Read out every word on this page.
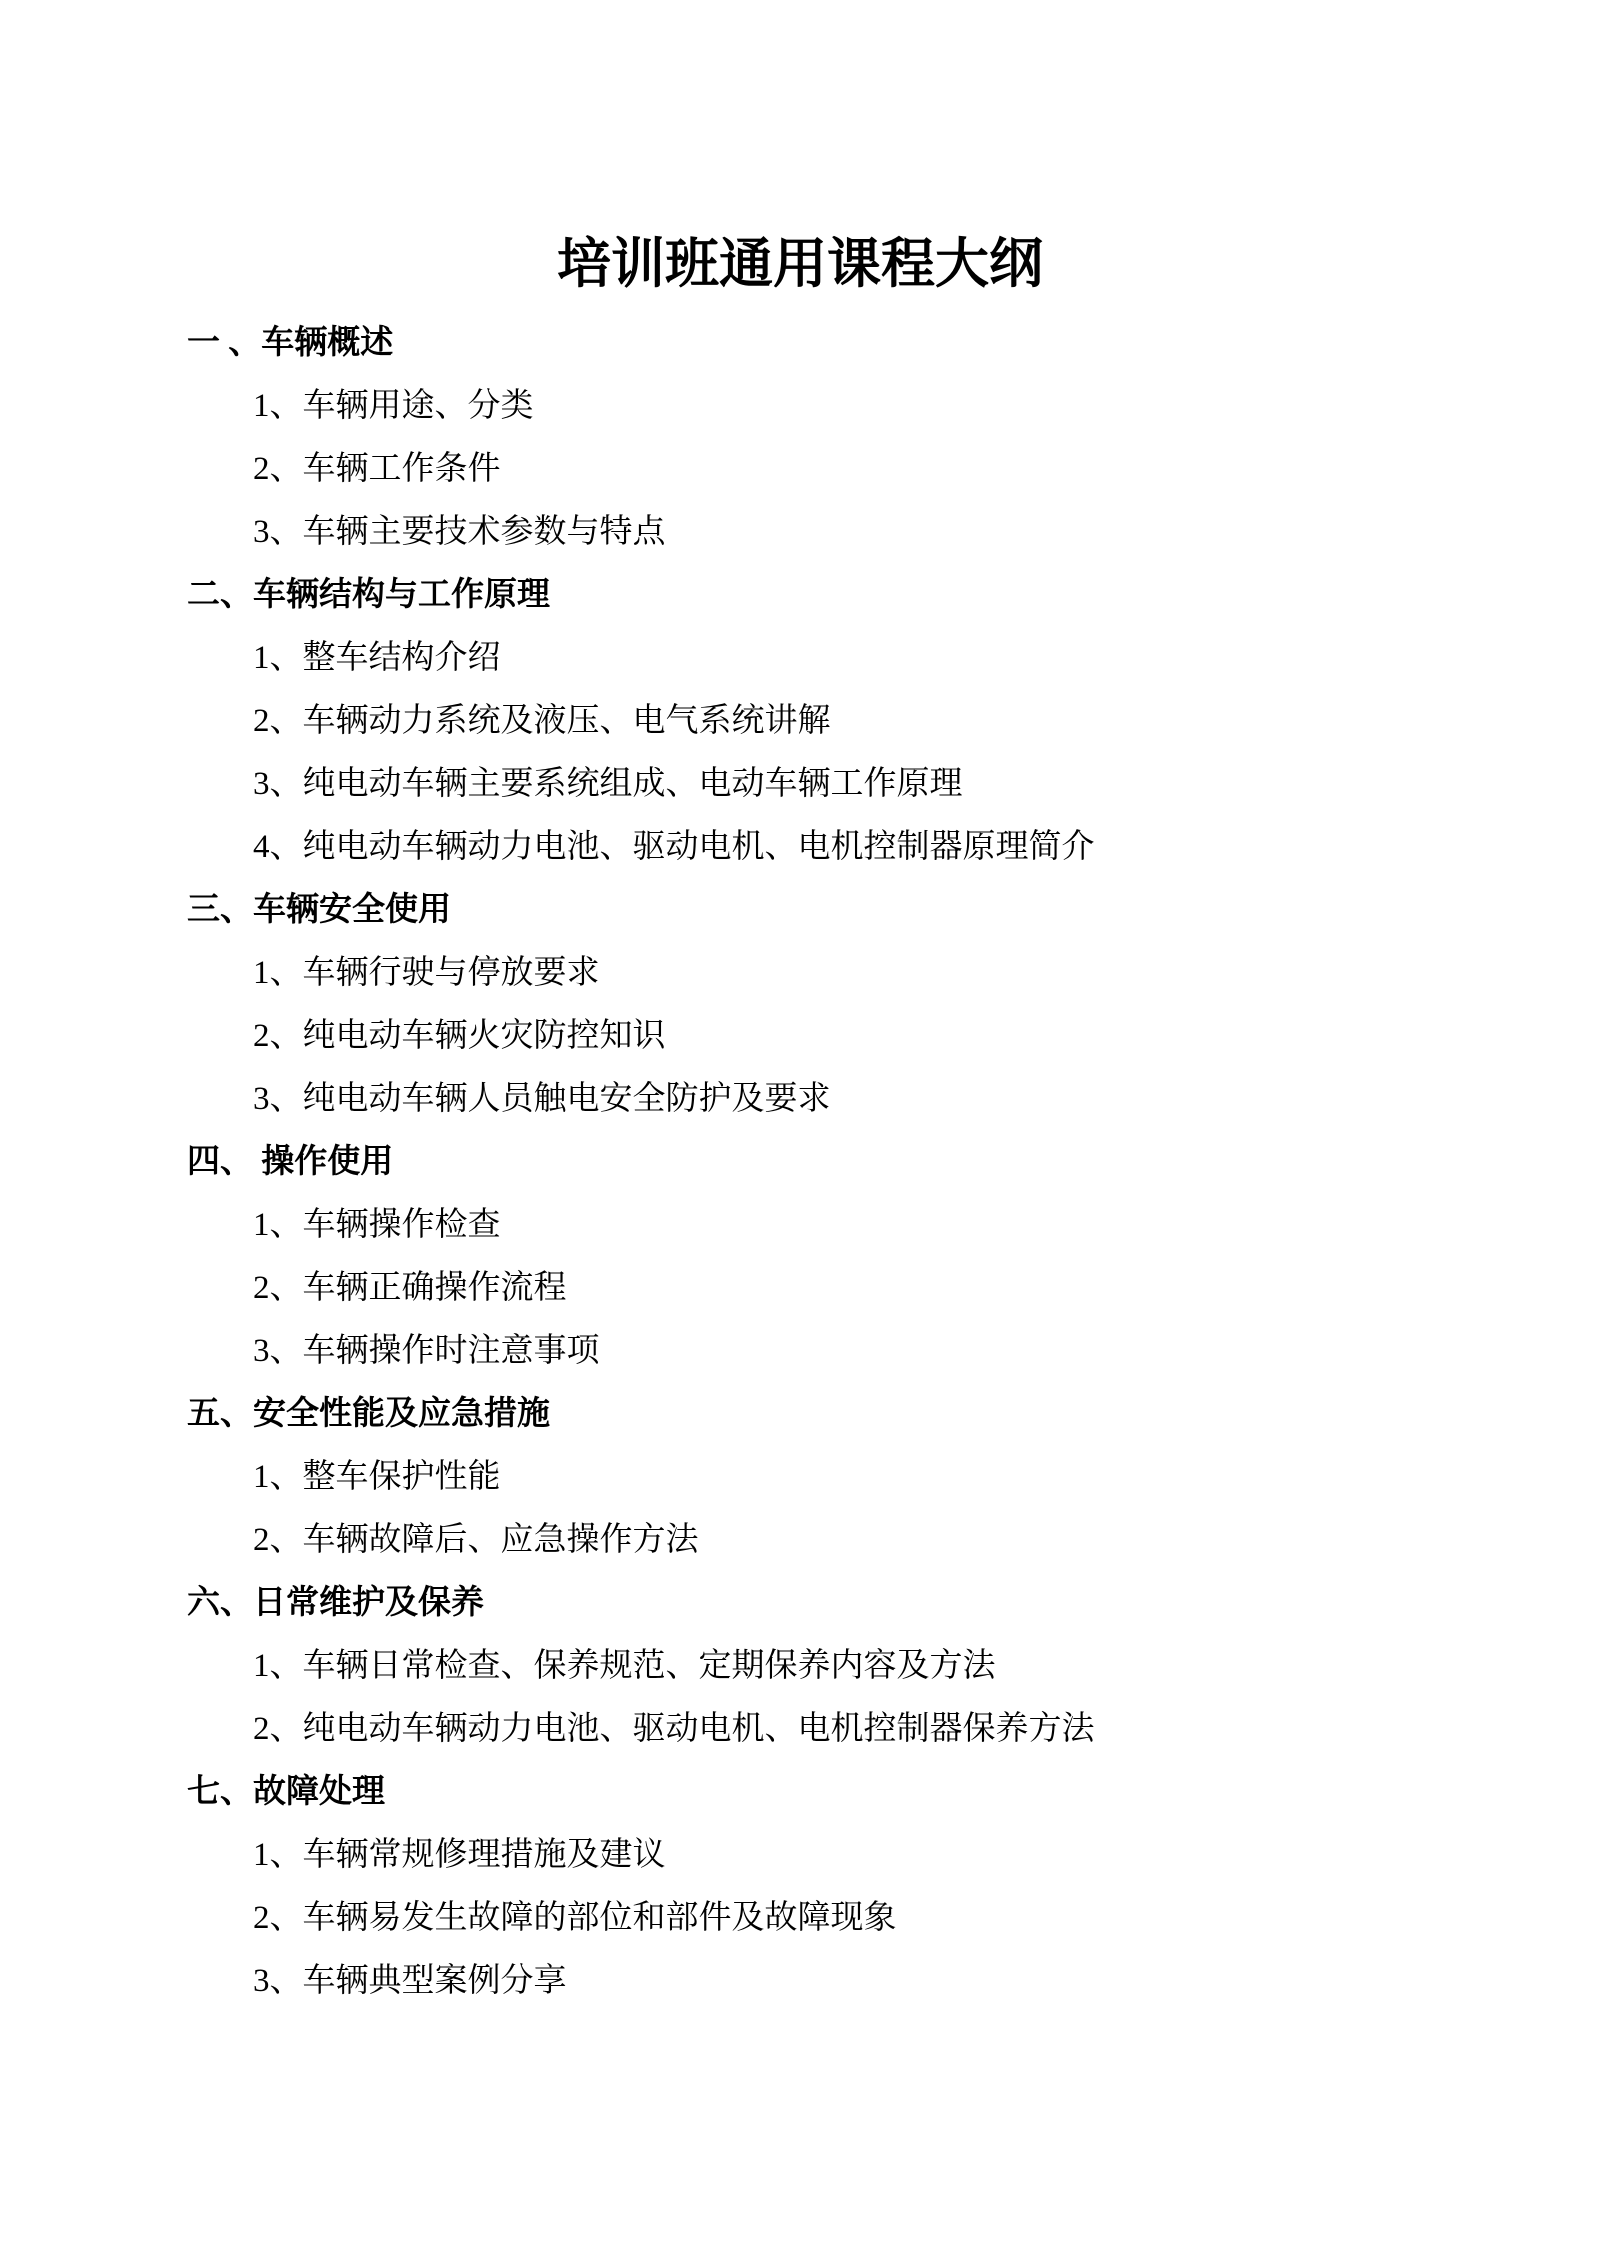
培训班通用课程大纲

一 、车辆概述

1、车辆用途、分类

2、车辆工作条件

3、车辆主要技术参数与特点

二、车辆结构与工作原理

1、整车结构介绍

2、车辆动力系统及液压、电气系统讲解

3、纯电动车辆主要系统组成、电动车辆工作原理

4、纯电动车辆动力电池、驱动电机、电机控制器原理简介

三、车辆安全使用

1、车辆行驶与停放要求

2、纯电动车辆火灾防控知识

3、纯电动车辆人员触电安全防护及要求

四、 操作使用

1、车辆操作检查

2、车辆正确操作流程

3、车辆操作时注意事项

五、安全性能及应急措施

1、整车保护性能

2、车辆故障后、应急操作方法

六、日常维护及保养

1、车辆日常检查、保养规范、定期保养内容及方法

2、纯电动车辆动力电池、驱动电机、电机控制器保养方法

七、故障处理

1、车辆常规修理措施及建议

2、车辆易发生故障的部位和部件及故障现象

3、车辆典型案例分享
